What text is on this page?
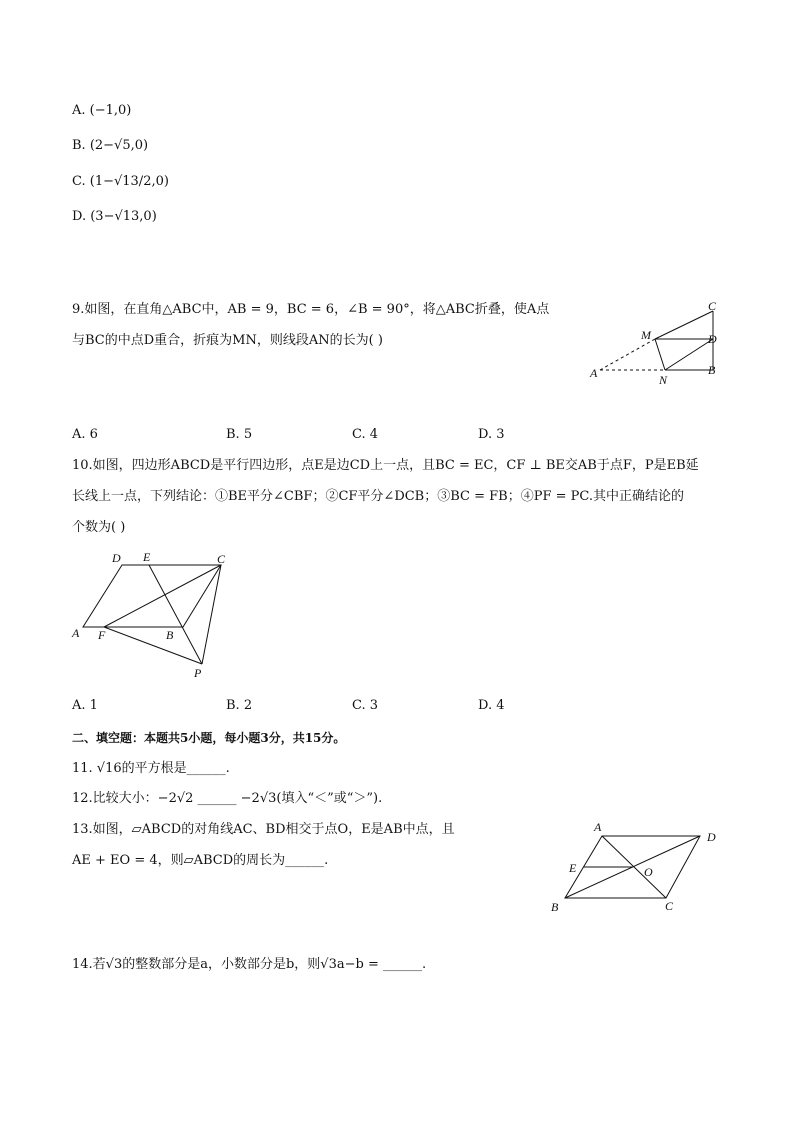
A. (−1,0)
B. (2−√5,0)
C. (1−√13/2,0)
D. (3−√13,0)
9.如图，在直角△ABC中，AB = 9，BC = 6，∠B = 90°，将△ABC折叠，使A点
与BC的中点D重合，折痕为MN，则线段AN的长为( )
C
M	D
A	N
B
A. 6	B. 5	C. 4	D. 3
10.如图，四边形ABCD是平行四边形，点E是边CD上一点，且BC = EC，CF ⊥ BE交AB于点F，P是EB延
长线上一点，下列结论：①BE平分∠CBF；②CF平分∠DCB；③BC = FB；④PF = PC.其中正确结论的
个数为( )
D E	C
A F	B
P
A. 1	B. 2	C. 3	D. 4
二、填空题：本题共5小题，每小题3分，共15分。
11. √16的平方根是______.
12.比较大小：−2√2 ______ −2√3(填入“＜”或“＞”).
13.如图，▱ABCD的对角线AC、BD相交于点O，E是AB中点，且
AE + EO = 4，则▱ABCD的周长为______.
A
D
E	O
B	C
14.若√3的整数部分是a，小数部分是b，则√3a−b = ______.
